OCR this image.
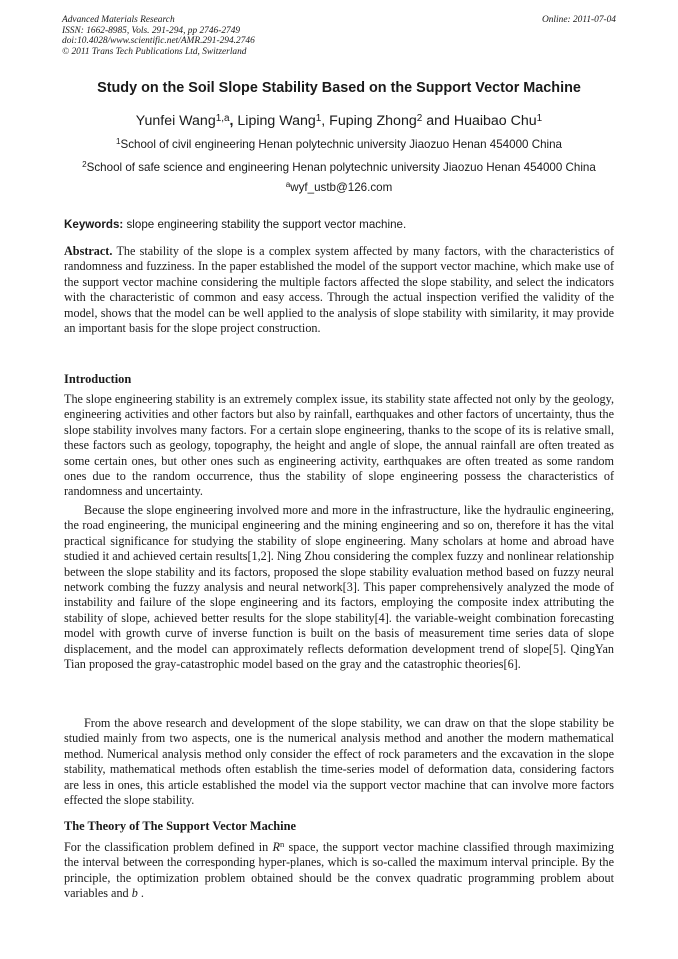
Advanced Materials Research	Online: 2011-07-04
ISSN: 1662-8985, Vols. 291-294, pp 2746-2749
doi:10.4028/www.scientific.net/AMR.291-294.2746
© 2011 Trans Tech Publications Ltd, Switzerland
Study on the Soil Slope Stability Based on the Support Vector Machine
Yunfei Wang$^{1,a}$, Liping Wang$^1$, Fuping Zhong$^2$ and Huaibao Chu$^1$
$^1$School of civil engineering Henan polytechnic university Jiaozuo Henan 454000 China
$^2$School of safe science and engineering Henan polytechnic university Jiaozuo Henan 454000 China
$^a$wyf_ustb@126.com
Keywords: slope engineering stability the support vector machine.

Abstract. The stability of the slope is a complex system affected by many factors, with the characteristics of randomness and fuzziness. In the paper established the model of the support vector machine, which make use of the support vector machine considering the multiple factors affected the slope stability, and select the indicators with the characteristic of common and easy access. Through the actual inspection verified the validity of the model, shows that the model can be well applied to the analysis of slope stability with similarity, it may provide an important basis for the slope project construction.

Introduction

The slope engineering stability is an extremely complex issue, its stability state affected not only by the geology, engineering activities and other factors but also by rainfall, earthquakes and other factors of uncertainty, thus the slope stability involves many factors. For a certain slope engineering, thanks to the scope of its is relative small, these factors such as geology, topography, the height and angle of slope, the annual rainfall are often treated as some certain ones, but other ones such as engineering activity, earthquakes are often treated as some random ones due to the random occurrence, thus the stability of slope engineering possess the characteristics of randomness and uncertainty.

Because the slope engineering involved more and more in the infrastructure, like the hydraulic engineering, the road engineering, the municipal engineering and the mining engineering and so on, therefore it has the vital practical significance for studying the stability of slope engineering. Many scholars at home and abroad have studied it and achieved certain results[1,2]. Ning Zhou considering the complex fuzzy and nonlinear relationship between the slope stability and its factors, proposed the slope stability evaluation method based on fuzzy neural network combing the fuzzy analysis and neural network[3]. This paper comprehensively analyzed the mode of instability and failure of the slope engineering and its factors, employing the composite index attributing the stability of slope, achieved better results for the slope stability[4]. the variable-weight combination forecasting model with growth curve of inverse function is built on the basis of measurement time series data of slope displacement, and the model can approximately reflects deformation development trend of slope[5]. QingYan Tian proposed the gray-catastrophic model based on the gray and the catastrophic theories[6].

From the above research and development of the slope stability, we can draw on that the slope stability be studied mainly from two aspects, one is the numerical analysis method and another the modern mathematical method. Numerical analysis method only consider the effect of rock parameters and the excavation in the slope stability, mathematical methods often establish the time-series model of deformation data, considering factors are less in ones, this article established the model via the support vector machine that can involve more factors effected the slope stability.

The Theory of The Support Vector Machine

For the classification problem defined in $R^n$ space, the support vector machine classified through maximizing the interval between the corresponding hyper-planes, which is so-called the maximum interval principle. By the principle, the optimization problem obtained should be the convex quadratic programming problem about variables and b .
